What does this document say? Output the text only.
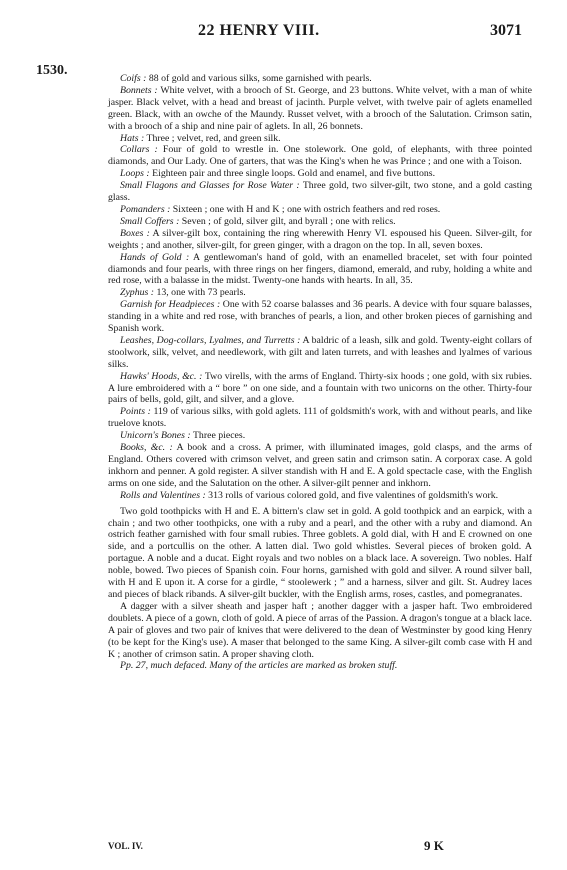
22 HENRY VIII.	3071
1530.

Coifs : 88 of gold and various silks, some garnished with pearls.

Bonnets : White velvet, with a brooch of St. George, and 23 buttons. White velvet, with a man of white jasper. Black velvet, with a head and breast of jacinth. Purple velvet, with twelve pair of aglets enamelled green. Black, with an owche of the Maundy. Russet velvet, with a brooch of the Salutation. Crimson satin, with a brooch of a ship and nine pair of aglets. In all, 26 bonnets.

Hats : Three ; velvet, red, and green silk.

Collars : Four of gold to wrestle in. One stolework. One gold, of elephants, with three pointed diamonds, and Our Lady. One of garters, that was the King's when he was Prince ; and one with a Toison.

Loops : Eighteen pair and three single loops. Gold and enamel, and five buttons.

Small Flagons and Glasses for Rose Water : Three gold, two silver-gilt, two stone, and a gold casting glass.

Pomanders : Sixteen ; one with H and K ; one with ostrich feathers and red roses.

Small Coffers : Seven ; of gold, silver gilt, and byrall ; one with relics.

Boxes : A silver-gilt box, containing the ring wherewith Henry VI. espoused his Queen. Silver-gilt, for weights ; and another, silver-gilt, for green ginger, with a dragon on the top. In all, seven boxes.

Hands of Gold : A gentlewoman's hand of gold, with an enamelled bracelet, set with four pointed diamonds and four pearls, with three rings on her fingers, diamond, emerald, and ruby, holding a white and red rose, with a balasse in the midst. Twenty-one hands with hearts. In all, 35.

Zyphus : 13, one with 73 pearls.

Garnish for Headpieces : One with 52 coarse balasses and 36 pearls. A device with four square balasses, standing in a white and red rose, with branches of pearls, a lion, and other broken pieces of garnishing and Spanish work.

Leashes, Dog-collars, Lyalmes, and Turretts : A baldric of a leash, silk and gold. Twenty-eight collars of stoolwork, silk, velvet, and needlework, with gilt and laten turrets, and with leashes and lyalmes of various silks.

Hawks' Hoods, &c. : Two virells, with the arms of England. Thirty-six hoods ; one gold, with six rubies. A lure embroidered with a “ bore ” on one side, and a fountain with two unicorns on the other. Thirty-four pairs of bells, gold, gilt, and silver, and a glove.

Points : 119 of various silks, with gold aglets. 111 of goldsmith's work, with and without pearls, and like truelove knots.

Unicorn's Bones : Three pieces.

Books, &c. : A book and a cross. A primer, with illuminated images, gold clasps, and the arms of England. Others covered with crimson velvet, and green satin and crimson satin. A corporax case. A gold inkhorn and penner. A gold register. A silver standish with H and E. A gold spectacle case, with the English arms on one side, and the Salutation on the other. A silver-gilt penner and inkhorn.

Rolls and Valentines : 313 rolls of various colored gold, and five valentines of goldsmith's work.

Two gold toothpicks with H and E. A bittern's claw set in gold. A gold toothpick and an earpick, with a chain ; and two other toothpicks, one with a ruby and a pearl, and the other with a ruby and diamond. An ostrich feather garnished with four small rubies. Three goblets. A gold dial, with H and E crowned on one side, and a portcullis on the other. A latten dial. Two gold whistles. Several pieces of broken gold. A portague. A noble and a ducat. Eight royals and two nobles on a black lace. A sovereign. Two nobles. Half noble, bowed. Two pieces of Spanish coin. Four horns, garnished with gold and silver. A round silver ball, with H and E upon it. A corse for a girdle, “ stoolewerk ; ” and a harness, silver and gilt. St. Audrey laces and pieces of black ribands. A silver-gilt buckler, with the English arms, roses, castles, and pomegranates.

A dagger with a silver sheath and jasper haft ; another dagger with a jasper haft. Two embroidered doublets. A piece of a gown, cloth of gold. A piece of arras of the Passion. A dragon's tongue at a black lace. A pair of gloves and two pair of knives that were delivered to the dean of Westminster by good king Henry (to be kept for the King's use). A maser that belonged to the same King. A silver-gilt comb case with H and K ; another of crimson satin. A proper shaving cloth.

Pp. 27, much defaced. Many of the articles are marked as broken stuff.

VOL. IV.	9 K
